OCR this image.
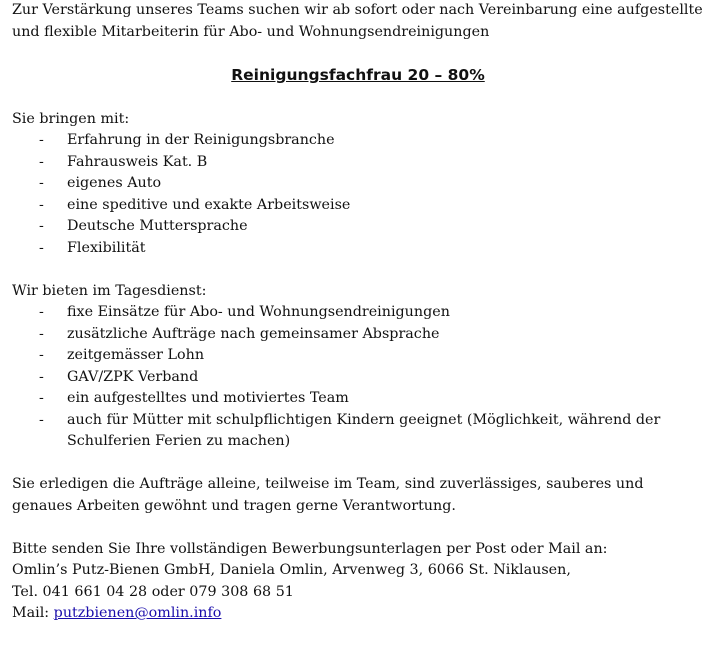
Zur Verstärkung unseres Teams suchen wir ab sofort oder nach Vereinbarung eine aufgestellte und flexible Mitarbeiterin für Abo- und Wohnungsendreinigungen

Reinigungsfachfrau 20 – 80%

Sie bringen mit:

- Erfahrung in der Reinigungsbranche
- Fahrausweis Kat. B
- eigenes Auto
- eine speditive und exakte Arbeitsweise
- Deutsche Muttersprache
- Flexibilität

Wir bieten im Tagesdienst:

- fixe Einsätze für Abo- und Wohnungsendreinigungen
- zusätzliche Aufträge nach gemeinsamer Absprache
- zeitgemässer Lohn
- GAV/ZPK Verband
- ein aufgestelltes und motiviertes Team
- auch für Mütter mit schulpflichtigen Kindern geeignet (Möglichkeit, während der Schulferien Ferien zu machen)

Sie erledigen die Aufträge alleine, teilweise im Team, sind zuverlässiges, sauberes und genaues Arbeiten gewöhnt und tragen gerne Verantwortung.

Bitte senden Sie Ihre vollständigen Bewerbungsunterlagen per Post oder Mail an:
Omlin’s Putz-Bienen GmbH, Daniela Omlin, Arvenweg 3, 6066 St. Niklausen,
Tel. 041 661 04 28 oder 079 308 68 51
Mail: putzbienen@omlin.info
